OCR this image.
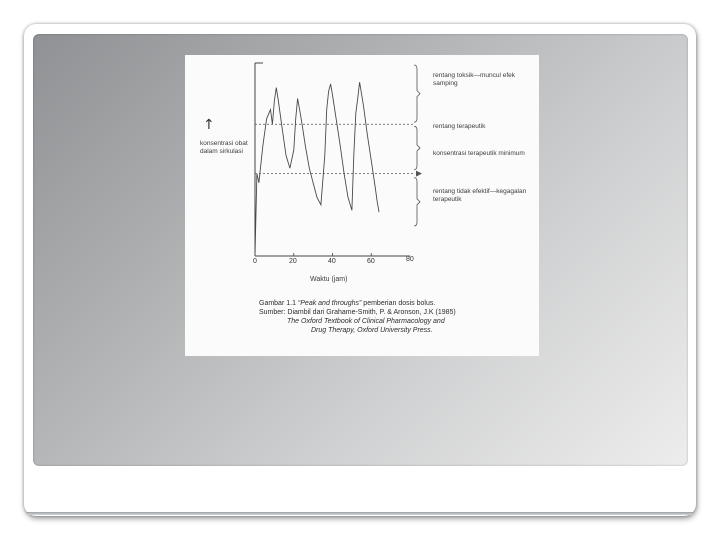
↑
konsentrasi obat dalam sirkulasi
rentang toksik—muncul efek samping
rentang terapeutik
konsentrasi terapeutik minimum
rentang tidak efektif—kegagalan terapeutik
0	20	40	60	80
Waktu (jam)
Gambar 1.1 “Peak and throughs” pemberian dosis bolus.
Sumber: Diambil dari Grahame-Smith, P. & Aronson, J.K (1985)
The Oxford Textbook of Clinical Pharmacology and
Drug Therapy, Oxford University Press.
